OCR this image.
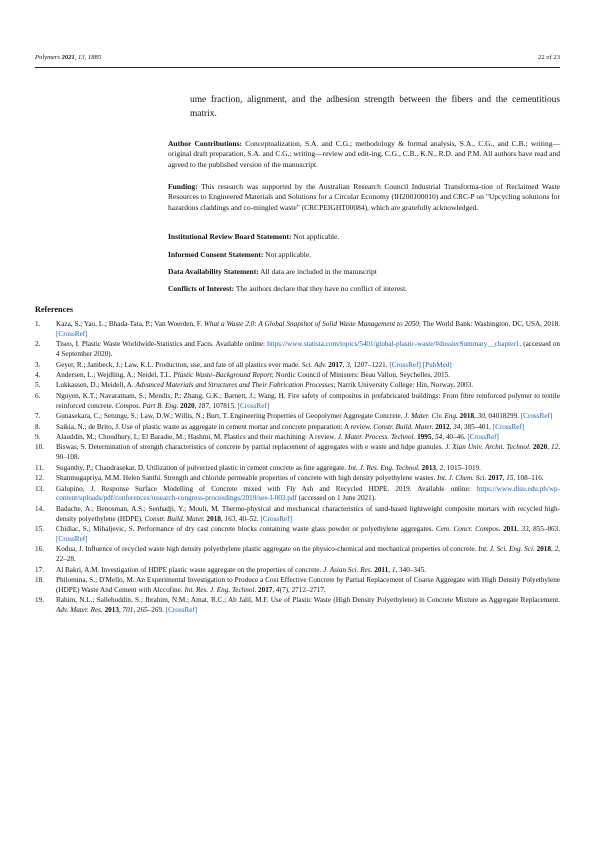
Polymers 2021, 13, 1885	22 of 23
ume fraction, alignment, and the adhesion strength between the fibers and the cementitious matrix.
Author Contributions: Conceptualization, S.A. and C.G.; methodology & formal analysis, S.A., C.G., and C.B.; writing—original draft preparation, S.A. and C.G.; writing—review and edit-ing, C.G., C.B., K.N., R.D. and P.M. All authors have read and agreed to the published version of the manuscript.
Funding: This research was supported by the Australian Research Council Industrial Transforma-tion of Reclaimed Waste Resources to Engineered Materials and Solutions for a Circular Economy (IH200100010) and CRC-P on "Upcycling solutions for hazardous claddings and co-mingled waste" (CRCPEIGHT00084), which are gratefully acknowledged.
Institutional Review Board Statement: Not applicable.
Informed Consent Statement: Not applicable.
Data Availability Statement: All data are included in the manuscript
Conflicts of Interest: The authors declare that they have no conflict of interest.
References
1. Kaza, S.; Yao, L.; Bhada-Tata, P.; Van Woerden, F. What a Waste 2.0: A Global Snapshot of Solid Waste Management to 2050; The World Bank: Washington, DC, USA, 2018. [CrossRef]
2. Tiseo, I. Plastic Waste Worldwide-Statistics and Facts. Available online: https://www.statista.com/topics/5401/global-plastic-waste/#dossierSummary__chapter1. (accessed on 4 September 2020).
3. Geyer, R.; Jambeck, J.; Law, K.L. Production, use, and fate of all plastics ever made. Sci. Adv. 2017, 3, 1207–1221. [CrossRef] [PubMed]
4. Andersen, L.; Wejdling, A.; Neidel, T.L. Plastic Waste–Background Report; Nordic Council of Ministers: Beau Vallon, Seychelles, 2015.
5. Lukkassen, D.; Meidell, A. Advanced Materials and Structures and Their Fabrication Processes; Narrik University College: Hin, Norway, 2003.
6. Nguyen, K.T.; Navaratnam, S.; Mendis, P.; Zhang, G.K.; Barnett, J.; Wang, H. Fire safety of composites in prefabricated buildings: From fibre reinforced polymer to textile reinforced concrete. Compos. Part B. Eng. 2020, 187, 107815. [CrossRef]
7. Gunasekara, C.; Setunge, S.; Law, D.W.; Willis, N.; Burt, T. Engineering Properties of Geopolymer Aggregate Concrete. J. Mater. Civ. Eng. 2018, 30, 04018299. [CrossRef]
8. Saikia, N.; de Brito, J. Use of plastic waste as aggregate in cement mortar and concrete preparation: A review. Constr. Build. Mater. 2012, 34, 385–401. [CrossRef]
9. Alauddin, M.; Choudhury, I.; El Baradie, M.; Hashmi, M. Plastics and their machining: A review. J. Mater. Process. Technol. 1995, 54, 40–46. [CrossRef]
10. Biswas, S. Determination of strength characteristics of concrete by partial replacement of aggregates with e waste and hdpe granules. J. Xian Univ. Archit. Technol. 2020, 12, 90–108.
11. Suganthy, P.; Chandrasekar, D. Utilization of pulverized plastic in cement concrete as fine aggregate. Int. J. Res. Eng. Technol. 2013, 2, 1015–1019.
12. Shanmugapriya, M.M. Helen Santhi. Strength and chloride permeable properties of concrete with high density polyethylene wastes. Int. J. Chem. Sci. 2017, 15, 108–116.
13. Galupino, J. Response Surface Modelling of Concrete mixed with Fly Ash and Recycled HDPE. 2019. Available online: https://www.dlsu.edu.ph/wp-content/uploads/pdf/conferences/research-congress-proceedings/2019/see-I-003.pdf (accessed on 1 June 2021).
14. Badache, A.; Benosman, A.S.; Senhadji, Y.; Mouli, M. Thermo-physical and mechanical characteristics of sand-based lightweight composite mortars with recycled high-density polyethylene (HDPE). Constr. Build. Mater. 2018, 163, 40–52. [CrossRef]
15. Chidiac, S.; Mihaljevic, S. Performance of dry cast concrete blocks containing waste glass powder or polyethylene aggregates. Cem. Concr. Compos. 2011, 33, 855–863. [CrossRef]
16. Kodua, J. Influence of recycled waste high density polyethylene plastic aggregate on the physico-chemical and mechanical properties of concrete. Int. J. Sci. Eng. Sci. 2018, 2, 22–28.
17. Al Bakri, A.M. Investigation of HDPE plastic waste aggregate on the properties of concrete. J. Asian Sci. Res. 2011, 1, 340–345.
18. Philomina, S.; D'Mello, M. An Experimental Investigation to Produce a Cost Effective Concrete by Partial Replacement of Coarse Aggregate with High Density Polyethylene (HDPE) Waste And Cement with Alccofine. Int. Res. J. Eng. Technol. 2017, 4(7), 2712–2717.
19. Rahim, N.L.; Sallehuddin, S.; Ibrahim, N.M.; Amat, R.C.; Ab Jalil, M.F. Use of Plastic Waste (High Density Polyethylene) in Concrete Mixture as Aggregate Replacement. Adv. Mater. Res. 2013, 701, 265–269. [CrossRef]
